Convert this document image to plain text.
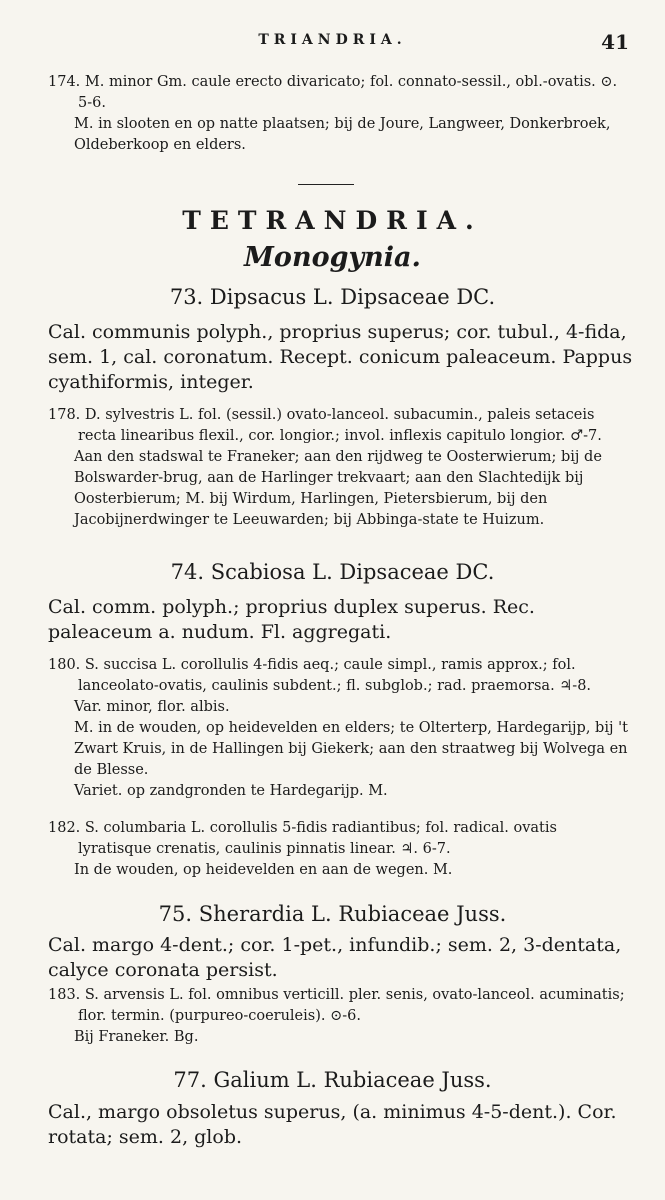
TRIANDRIA.	41
174. M. minor Gm. caule erecto divaricato; fol. connato-sessil., obl.-ovatis. ⊙. 5-6.
M. in slooten en op natte plaatsen; bij de Joure, Langweer, Donkerbroek, Oldeberkoop en elders.
TETRANDRIA.
Monogynia.
73. Dipsacus L. Dipsaceae DC.
Cal. communis polyph., proprius superus; cor. tubul., 4-fida, sem. 1, cal. coronatum. Recept. conicum paleaceum. Pappus cyathiformis, integer.
178. D. sylvestris L. fol. (sessil.) ovato-lanceol. subacumin., paleis setaceis recta linearibus flexil., cor. longior.; invol. inflexis capitulo longior. ♂-7.
Aan den stadswal te Franeker; aan den rijdweg te Oosterwierum; bij de Bolswarder-brug, aan de Harlinger trekvaart; aan den Slachtedijk bij Oosterbierum; M. bij Wirdum, Harlingen, Pietersbierum, bij den Jacobijnerdwinger te Leeuwarden; bij Abbinga-state te Huizum.
74. Scabiosa L. Dipsaceae DC.
Cal. comm. polyph.; proprius duplex superus. Rec. paleaceum a. nudum. Fl. aggregati.
180. S. succisa L. corollulis 4-fidis aeq.; caule simpl., ramis approx.; fol. lanceolato-ovatis, caulinis subdent.; fl. subglob.; rad. praemorsa. ♃-8.
Var. minor, flor. albis.
M. in de wouden, op heidevelden en elders; te Olterterp, Hardegarijp, bij 't Zwart Kruis, in de Hallingen bij Giekerk; aan den straatweg bij Wolvega en de Blesse.
Variet. op zandgronden te Hardegarijp. M.
182. S. columbaria L. corollulis 5-fidis radiantibus; fol. radical. ovatis lyratisque crenatis, caulinis pinnatis linear. ♃. 6-7.
In de wouden, op heidevelden en aan de wegen. M.
75. Sherardia L. Rubiaceae Juss.
Cal. margo 4-dent.; cor. 1-pet., infundib.; sem. 2, 3-dentata, calyce coronata persist.
183. S. arvensis L. fol. omnibus verticill. pler. senis, ovato-lanceol. acuminatis; flor. termin. (purpureo-coeruleis). ⊙-6.
Bij Franeker. Bg.
77. Galium L. Rubiaceae Juss.
Cal., margo obsoletus superus, (a. minimus 4-5-dent.). Cor. rotata; sem. 2, glob.
